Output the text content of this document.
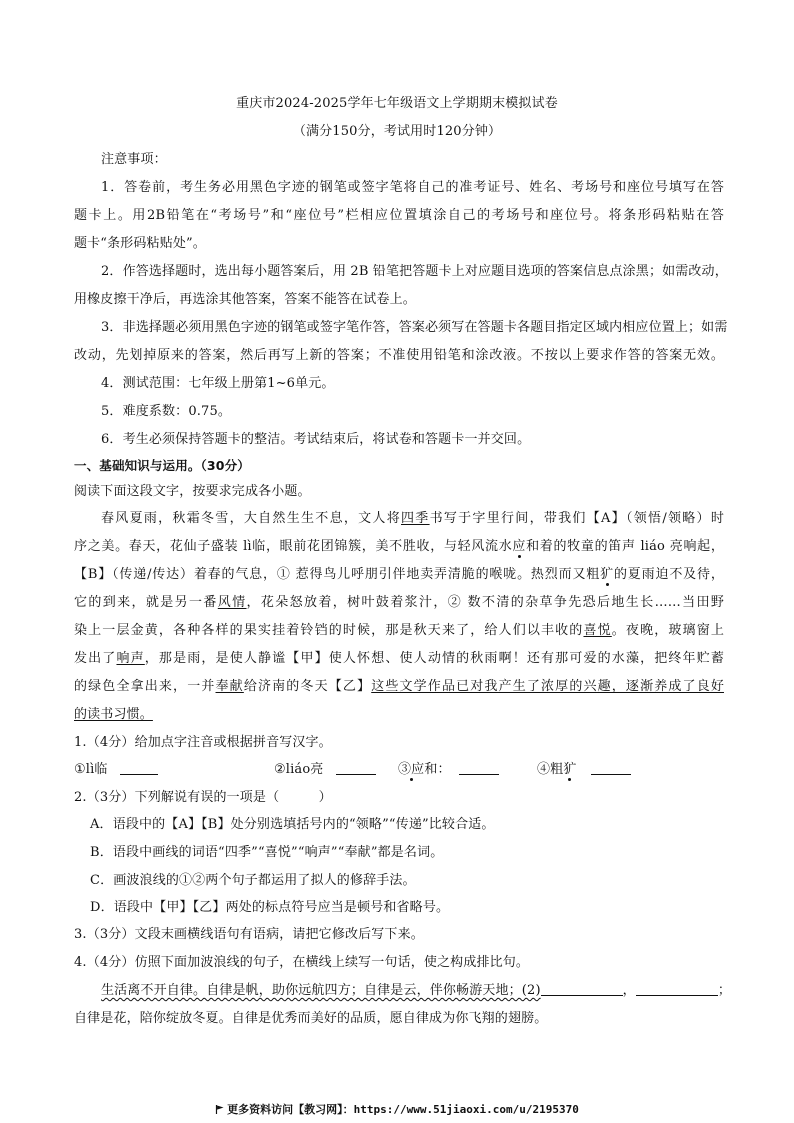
重庆市2024-2025学年七年级语文上学期期末模拟试卷
（满分150分，考试用时120分钟）
注意事项：
1．答卷前，考生务必用黑色字迹的钢笔或签字笔将自己的准考证号、姓名、考场号和座位号填写在答
题卡上。用2B铅笔在“考场号”和“座位号”栏相应位置填涂自己的考场号和座位号。将条形码粘贴在答
题卡“条形码粘贴处”。
2．作答选择题时，选出每小题答案后，用 2B 铅笔把答题卡上对应题目选项的答案信息点涂黑；如需改动，
用橡皮擦干净后，再选涂其他答案，答案不能答在试卷上。
3．非选择题必须用黑色字迹的钢笔或签字笔作答，答案必须写在答题卡各题目指定区域内相应位置上；如需
改动，先划掉原来的答案，然后再写上新的答案；不准使用铅笔和涂改液。不按以上要求作答的答案无效。
4．测试范围：七年级上册第1~6单元。
5．难度系数：0.75。
6．考生必须保持答题卡的整洁。考试结束后，将试卷和答题卡一并交回。
一、基础知识与运用。（30分）
阅读下面这段文字，按要求完成各小题。
春风夏雨，秋霜冬雪，大自然生生不息，文人将四季书写于字里行间，带我们【A】（领悟/领略）时
序之美。春天，花仙子盛装 lì临，眼前花团锦簇，美不胜收，与轻风流水应和着的牧童的笛声 liáo 亮响起，
【B】（传递/传达）着春的气息，① 惹得鸟儿呼朋引伴地卖弄清脆的喉咙。热烈而又粗犷的夏雨迫不及待，
它的到来，就是另一番风情，花朵怒放着，树叶鼓着浆汁，② 数不清的杂草争先恐后地生长……当田野
染上一层金黄，各种各样的果实挂着铃铛的时候，那是秋天来了，给人们以丰收的喜悦。夜晚，玻璃窗上
发出了响声，那是雨，是使人静谧【甲】使人怀想、使人动情的秋雨啊！还有那可爱的水藻，把终年贮蓄
的绿色全拿出来，一并奉献给济南的冬天【乙】这些文学作品已对我产生了浓厚的兴趣，逐渐养成了良好
的读书习惯。
1.（4分）给加点字注音或根据拼音写汉字。
①lì临	②liáo亮	③应和：	④粗犷
2.（3分）下列解说有误的一项是（　　　）
A．语段中的【A】【B】处分别选填括号内的“领略”“传递”比较合适。
B．语段中画线的词语“四季”“喜悦”“响声”“奉献”都是名词。
C．画波浪线的①②两个句子都运用了拟人的修辞手法。
D．语段中【甲】【乙】两处的标点符号应当是顿号和省略号。
3.（3分）文段末画横线语句有语病，请把它修改后写下来。
4.（4分）仿照下面加波浪线的句子，在横线上续写一句话，使之构成排比句。
生活离不开自律。自律是帆，助你远航四方；自律是云，伴你畅游天地；(2)	，	；
自律是花，陪你绽放冬夏。自律是优秀而美好的品质，愿自律成为你飞翔的翅膀。
更多资料访问【教习网】：https://www.51jiaoxi.com/u/2195370
